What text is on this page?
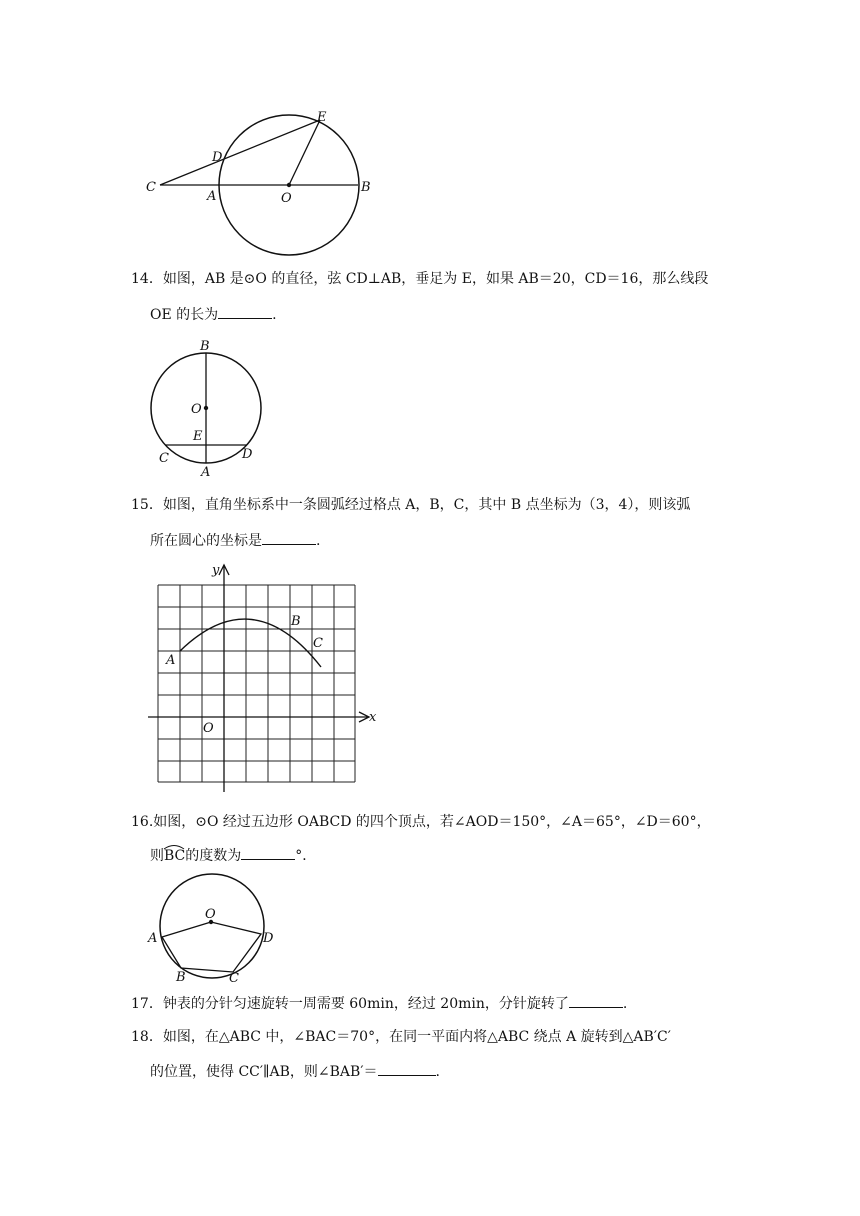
C
D
E
A	O
B
14．如图，AB 是⊙O 的直径，弦 CD⊥AB，垂足为 E，如果 AB＝20，CD＝16，那么线段
OE 的长为	.
B
O
E
C
A
D
15．如图，直角坐标系中一条圆弧经过格点 A，B，C，其中 B 点坐标为（3，4），则该弧
所在圆心的坐标是	.
y
x
O
A
B
C
16.如图，⊙O 经过五边形 OABCD 的四个顶点，若∠AOD＝150°，∠A＝65°，∠D＝60°，
则
BC的度数为	°．
O
A	D
B	C
17．钟表的分针匀速旋转一周需要 60min，经过 20min，分针旋转了	.
18．如图，在△ABC 中，∠BAC＝70°，在同一平面内将△ABC 绕点 A 旋转到△AB′C′
的位置，使得 CC′∥AB，则∠BAB′＝	.
